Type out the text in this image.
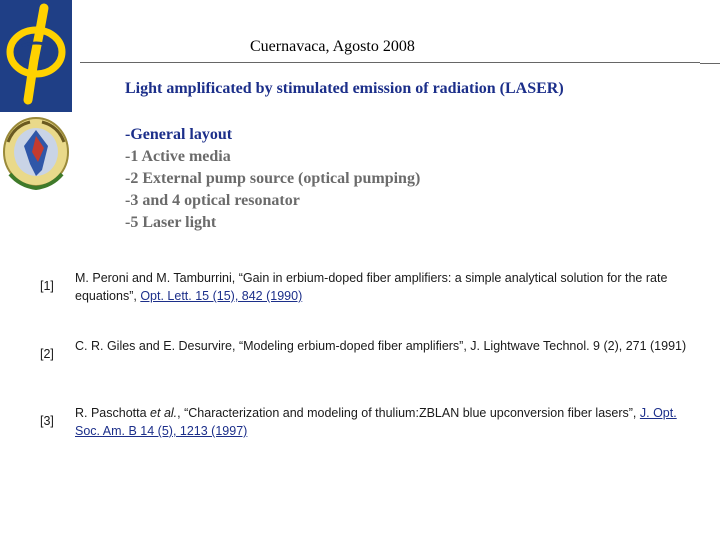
Cuernavaca, Agosto 2008
Light amplificated by stimulated emission of radiation (LASER)
-General layout
-1 Active media
-2 External pump source (optical pumping)
-3 and 4 optical resonator
-5 Laser light
[1]
M. Peroni and M. Tamburrini, “Gain in erbium-doped fiber amplifiers: a simple analytical solution for the rate equations”, Opt. Lett. 15 (15), 842 (1990)
[2]
C. R. Giles and E. Desurvire, “Modeling erbium-doped fiber amplifiers”, J. Lightwave Technol. 9 (2), 271 (1991)
[3]
R. Paschotta et al., “Characterization and modeling of thulium:ZBLAN blue upconversion fiber lasers”, J. Opt. Soc. Am. B 14 (5), 1213 (1997)
